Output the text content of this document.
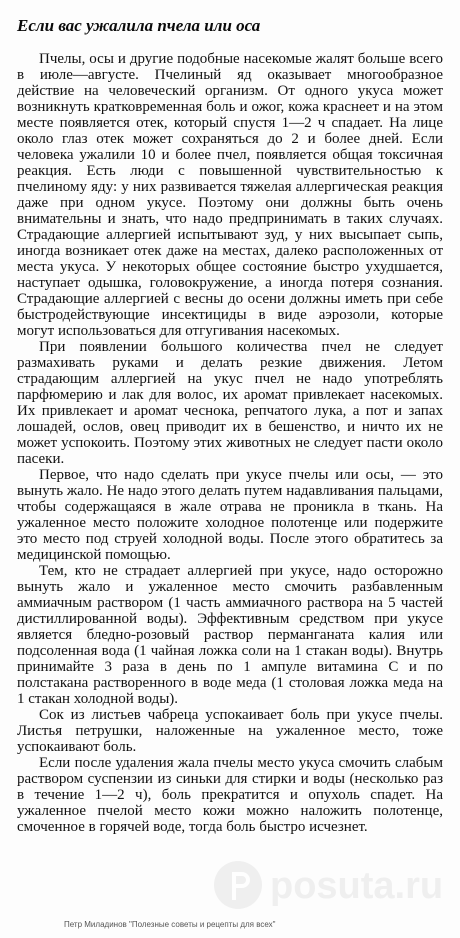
Если вас ужалила пчела или оса

Пчелы, осы и другие подобные насекомые жалят больше всего в июле—августе. Пчелиный яд оказывает многообразное действие на человеческий организм. От одного укуса может возникнуть кратковременная боль и ожог, кожа краснеет и на этом месте появляется отек, который спустя 1—2 ч спадает. На лице около глаз отек может сохраняться до 2 и более дней. Если человека ужалили 10 и более пчел, появляется общая токсичная реакция. Есть люди с повышенной чувствительностью к пчелиному яду: у них развивается тяжелая аллергическая реакция даже при одном укусе. Поэтому они должны быть очень внимательны и знать, что надо предпринимать в таких случаях. Страдающие аллергией испытывают зуд, у них высыпает сыпь, иногда возникает отек даже на местах, далеко расположенных от места укуса. У некоторых общее состояние быстро ухудшается, наступает одышка, головокружение, а иногда потеря сознания. Страдающие аллергией с весны до осени должны иметь при себе быстродействующие инсектициды в виде аэрозоли, которые могут использоваться для отгугивания насекомых.

При появлении большого количества пчел не следует размахивать руками и делать резкие движения. Летом страдающим аллергией на укус пчел не надо употреблять парфюмерию и лак для волос, их аромат привлекает насекомых. Их привлекает и аромат чеснока, репчатого лука, а пот и запах лошадей, ослов, овец приводит их в бешенство, и ничто их не может успокоить. Поэтому этих животных не следует пасти около пасеки.

Первое, что надо сделать при укусе пчелы или осы, — это вынуть жало. Не надо этого делать путем надавливания пальцами, чтобы содержащаяся в жале отрава не проникла в ткань. На ужаленное место положите холодное полотенце или подержите это место под струей холодной воды. После этого обратитесь за медицинской помощью.

Тем, кто не страдает аллергией при укусе, надо осторожно вынуть жало и ужаленное место смочить разбавленным аммиачным раствором (1 часть аммиачного раствора на 5 частей дистиллированной воды). Эффективным средством при укусе является бледно-розовый раствор перманганата калия или подсоленная вода (1 чайная ложка соли на 1 стакан воды). Внутрь принимайте 3 раза в день по 1 ампуле витамина С и по полстакана растворенного в воде меда (1 столовая ложка меда на 1 стакан холодной воды).

Сок из листьев чабреца успокаивает боль при укусе пчелы. Листья петрушки, наложенные на ужаленное место, тоже успокаивают боль.

Если после удаления жала пчелы место укуса смочить слабым раствором суспензии из синьки для стирки и воды (несколько раз в течение 1—2 ч), боль прекратится и опухоль спадет. На ужаленное пчелой место кожи можно наложить полотенце, смоченное в горячей воде, тогда боль быстро исчезнет.

posuta.ru

Петр Миладинов "Полезные советы и рецепты для всех"
